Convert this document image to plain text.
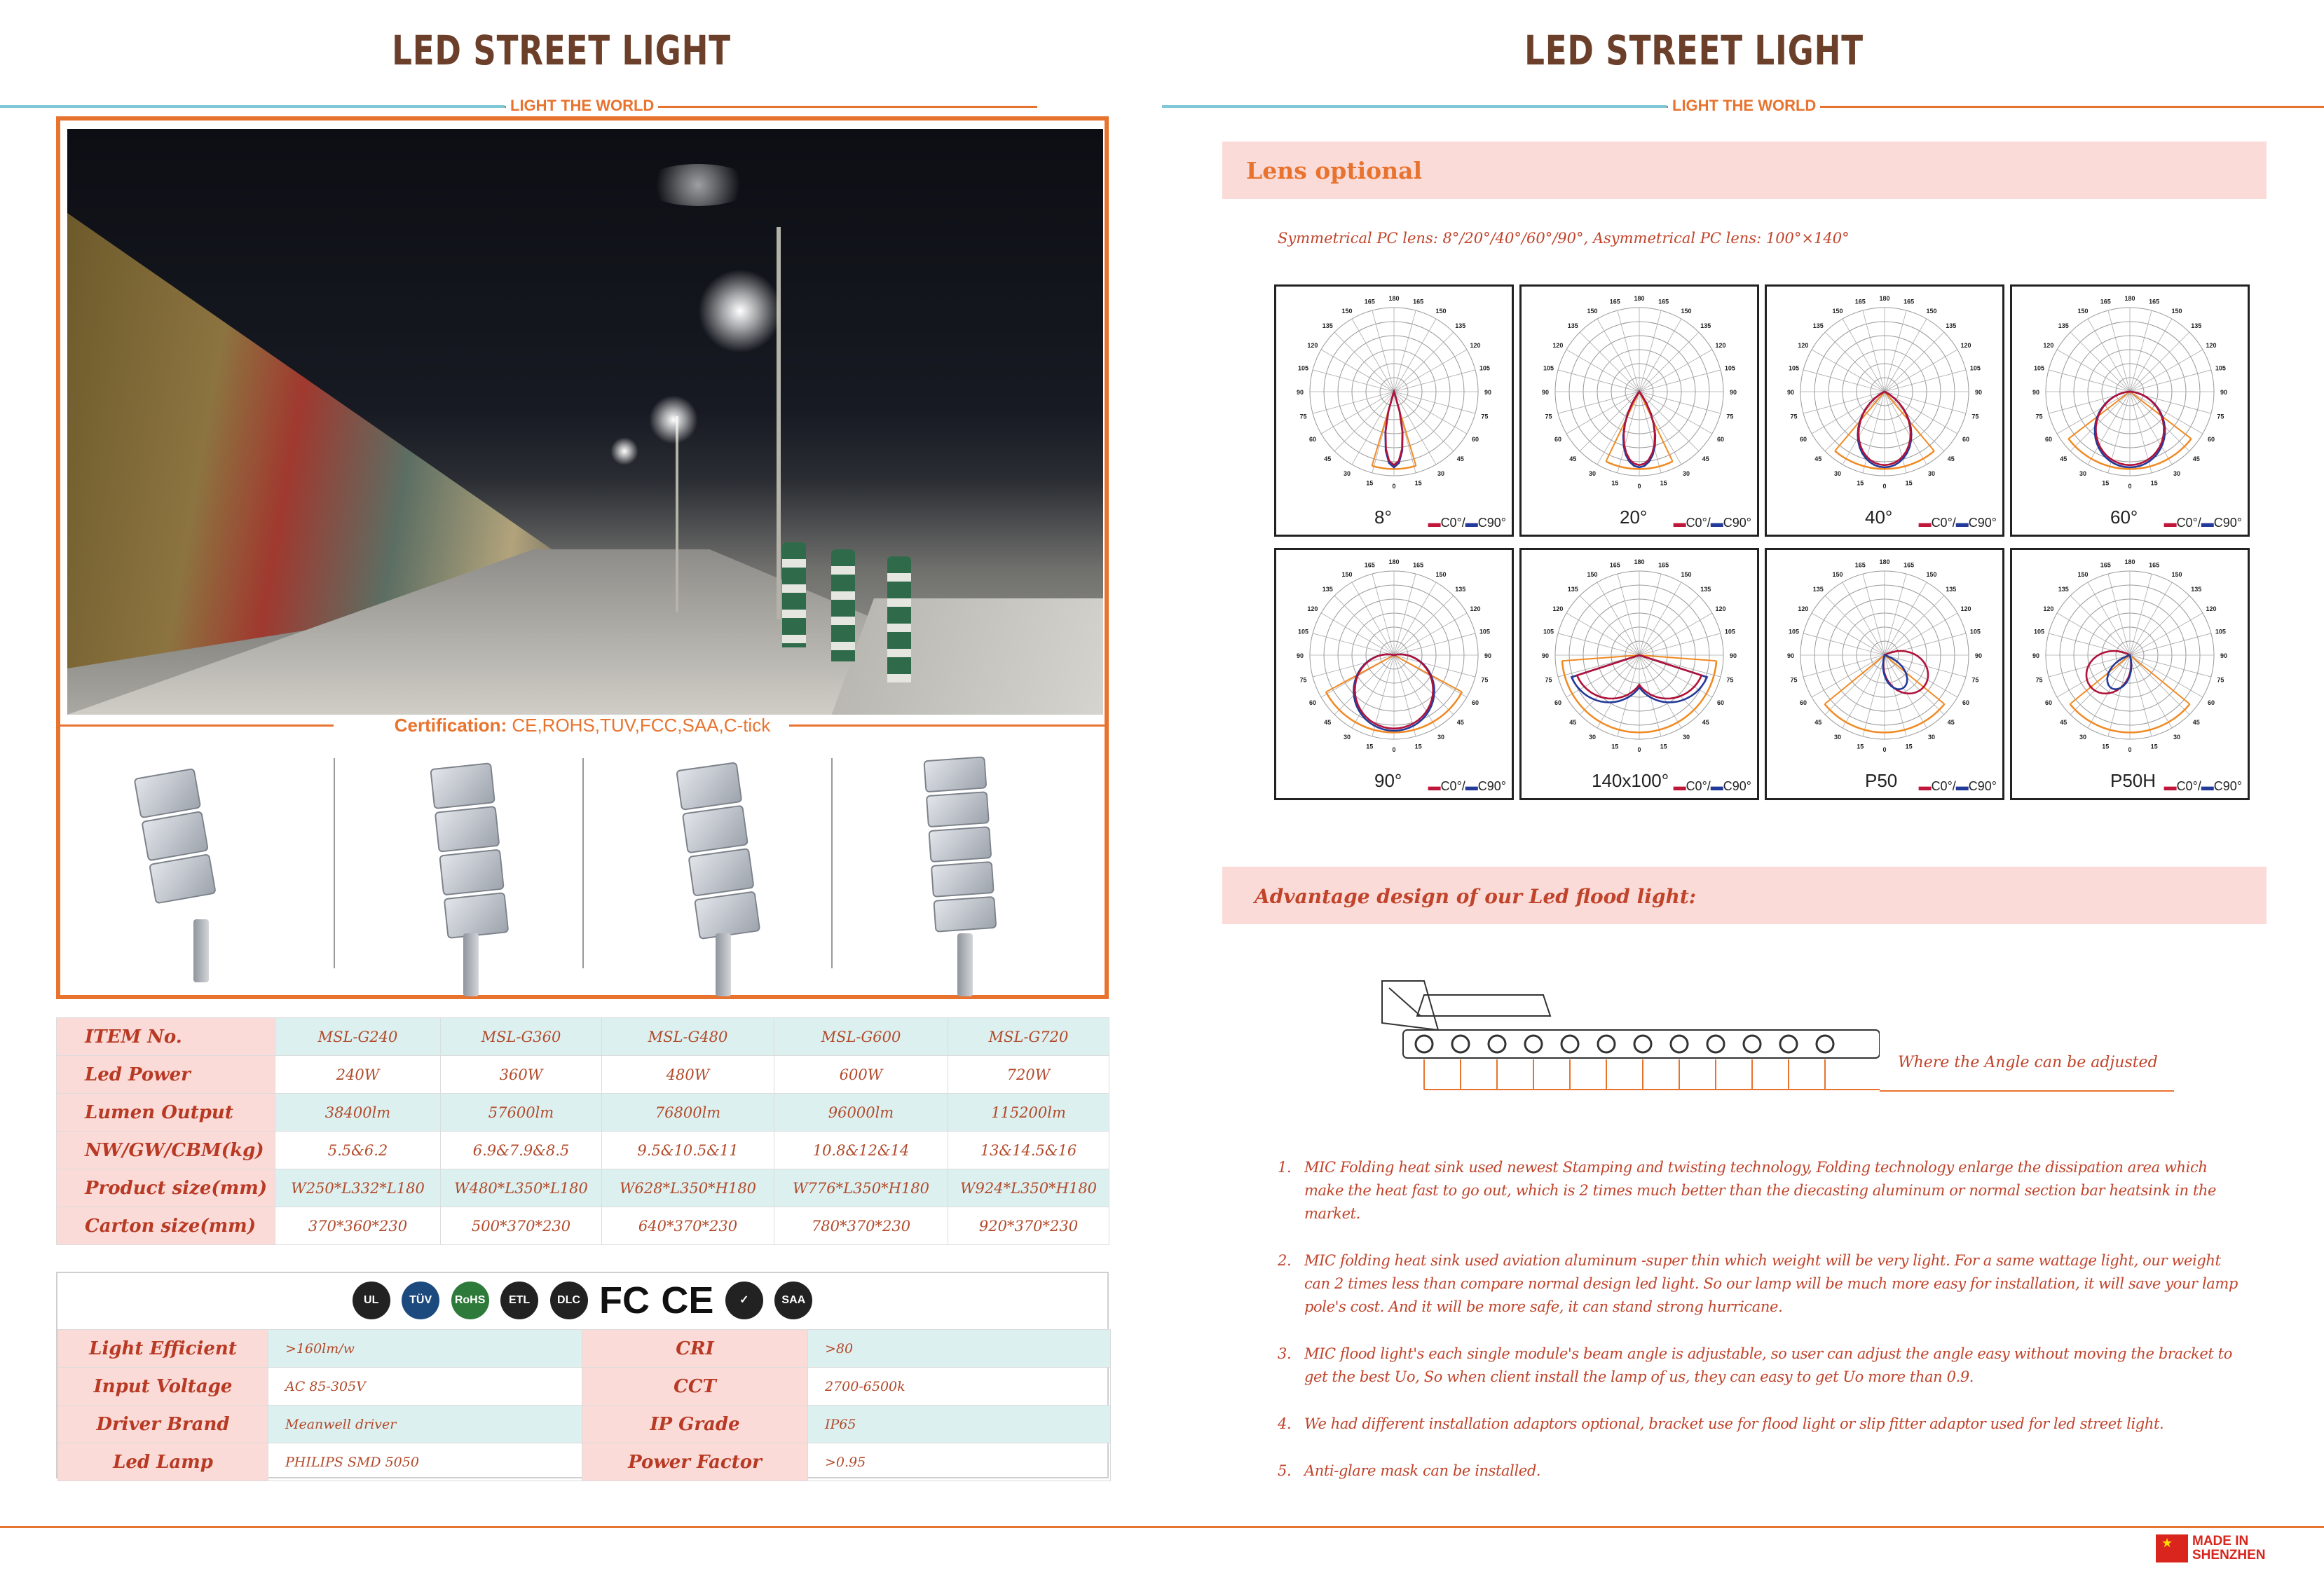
LED STREET LIGHT
LIGHT THE WORLD
Certification: CE,ROHS,TUV,FCC,SAA,C-tick
ITEM No.	MSL-G240	MSL-G360	MSL-G480	MSL-G600	MSL-G720
Led Power	240W	360W	480W	600W	720W
Lumen Output	38400lm	57600lm	76800lm	96000lm	115200lm
NW/GW/CBM(kg)	5.5&6.2	6.9&7.9&8.5	9.5&10.5&11	10.8&12&14	13&14.5&16
Product size(mm)	W250*L332*L180	W480*L350*L180	W628*L350*H180	W776*L350*H180	W924*L350*H180
Carton size(mm)	370*360*230	500*370*230	640*370*230	780*370*230	920*370*230
UL	TÜV RoHS ETL DLC FC CE ✓	SAA
Light Efficient	>160lm/w	CRI	>80
Input Voltage	AC 85-305V	CCT	2700-6500k
Driver Brand	Meanwell driver	IP Grade	IP65
Led Lamp	PHILIPS SMD 5050	Power Factor	>0.95
LED STREET LIGHT
LIGHT THE WORLD
Lens optional
Symmetrical PC lens: 8°/20°/40°/60°/90°, Asymmetrical PC lens: 100°×140°
0	15
30
45
60
75
90
105
120
135
150
165
180
165
150
135
120
105
90
75
60
45
30
15
8°	▬C0°/▬C90°
0	15
30
45
60
75
90
105
120
135
150
165
180
165
150
135
120
105
90
75
60
45
30
15
20° ▬C0°/▬C90°
0	15
30
45
60
75
90
105
120
135
150
165
180
165
150
135
120
105
90
75
60
45
30
15
40° ▬C0°/▬C90°
0	15
30
45
60
75
90
105
120
135
150
165
180
165
150
135
120
105
90
75
60
45
30
15
60° ▬C0°/▬C90°
0	15
30
45
60
75
90
105
120
135
150
165
180
165
150
135
120
105
90
75
60
45
30
15
90° ▬C0°/▬C90°
0	15
30
45
60
75
90
105
120
135
150
165
180
165
150
135
120
105
90
75
60
45
30
15
140x100° ▬C0°/▬C90°
0	15
30
45
60
75
90
105
120
135
150
165
180
165
150
135
120
105
90
75
60
45
30
15
P50 ▬C0°/▬C90°
0	15
30
45
60
75
90
105
120
135
150
165
180
165
150
135
120
105
90
75
60
45
30
15
P50H ▬C0°/▬C90°
Advantage design of our Led flood light:
Where the Angle can be adjusted
1. MIC Folding heat sink used newest Stamping and twisting technology, Folding technology enlarge the dissipation area which make the heat fast to go out, which is 2 times much better than the diecasting aluminum or normal section bar heatsink in the market.
2. MIC folding heat sink used aviation aluminum -super thin which weight will be very light. For a same wattage light, our weight can 2 times less than compare normal design led light. So our lamp will be much more easy for installation, it will save your lamp pole's cost. And it will be more safe, it can stand strong hurricane.
3. MIC flood light's each single module's beam angle is adjustable, so user can adjust the angle easy without moving the bracket to get the best Uo, So when client install the lamp of us, they can easy to get Uo more than 0.9.
4. We had different installation adaptors optional, bracket use for flood light or slip fitter adaptor used for led street light.
5. Anti-glare mask can be installed.
★
MADE IN
SHENZHEN
